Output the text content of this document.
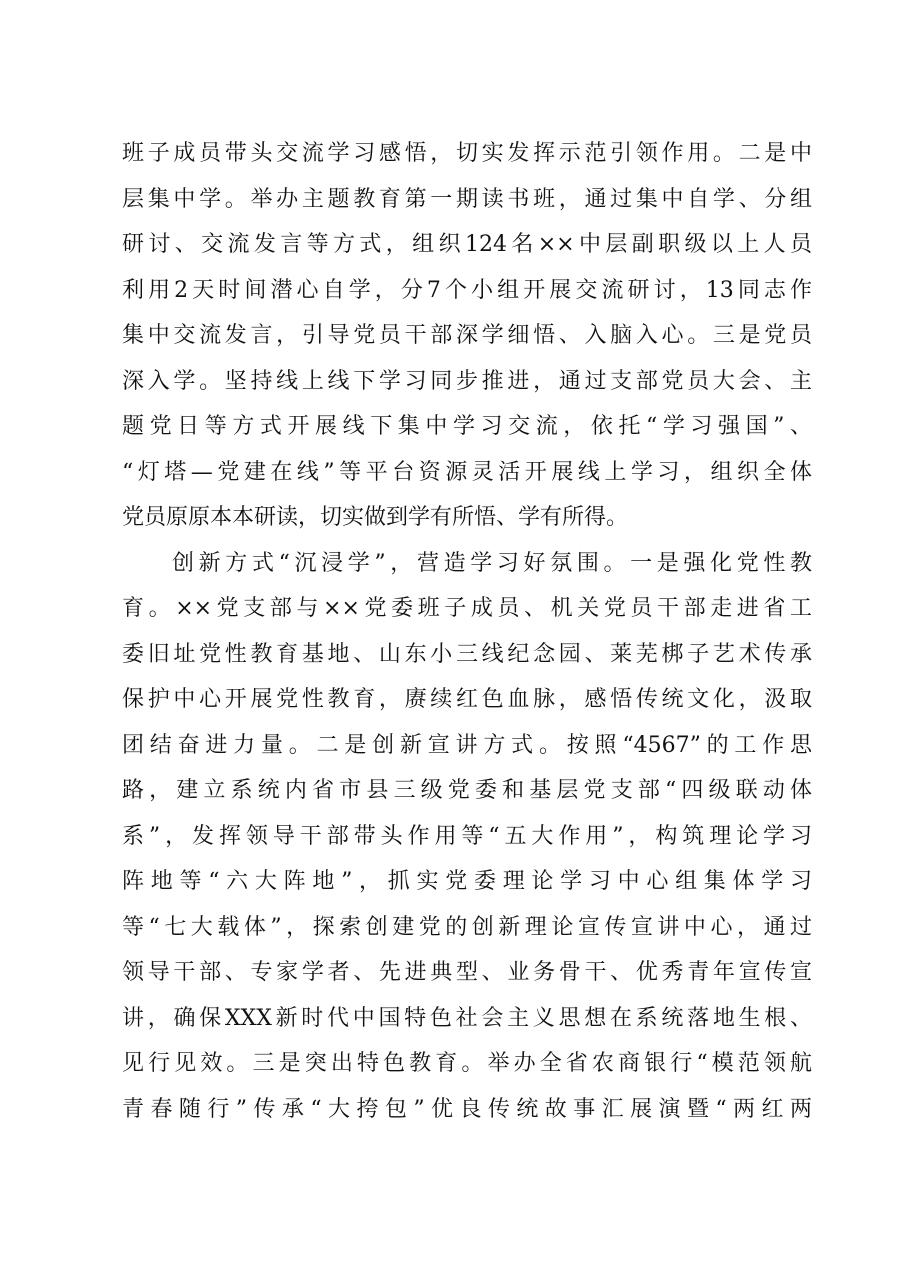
班子成员带头交流学习感悟，切实发挥示范引领作用。二是中
层集中学。举办主题教育第一期读书班，通过集中自学、分组
研讨、交流发言等方式，组织124名××中层副职级以上人员
利用2天时间潜心自学，分7个小组开展交流研讨，13同志作
集中交流发言，引导党员干部深学细悟、入脑入心。三是党员
深入学。坚持线上线下学习同步推进，通过支部党员大会、主
题党日等方式开展线下集中学习交流，依托“学习强国”、
“灯塔—党建在线”等平台资源灵活开展线上学习，组织全体
党员原原本本研读，切实做到学有所悟、学有所得。
创新方式“沉浸学”，营造学习好氛围。一是强化党性教
育。××党支部与××党委班子成员、机关党员干部走进省工
委旧址党性教育基地、山东小三线纪念园、莱芜梆子艺术传承
保护中心开展党性教育，赓续红色血脉，感悟传统文化，汲取
团结奋进力量。二是创新宣讲方式。按照“4567”的工作思
路，建立系统内省市县三级党委和基层党支部“四级联动体
系”，发挥领导干部带头作用等“五大作用”，构筑理论学习
阵地等“六大阵地”，抓实党委理论学习中心组集体学习
等“七大载体”，探索创建党的创新理论宣传宣讲中心，通过
领导干部、专家学者、先进典型、业务骨干、优秀青年宣传宣
讲，确保XXX新时代中国特色社会主义思想在系统落地生根、
见行见效。三是突出特色教育。举办全省农商银行“模范领航
青春随行”传承“大挎包”优良传统故事汇展演暨“两红两
